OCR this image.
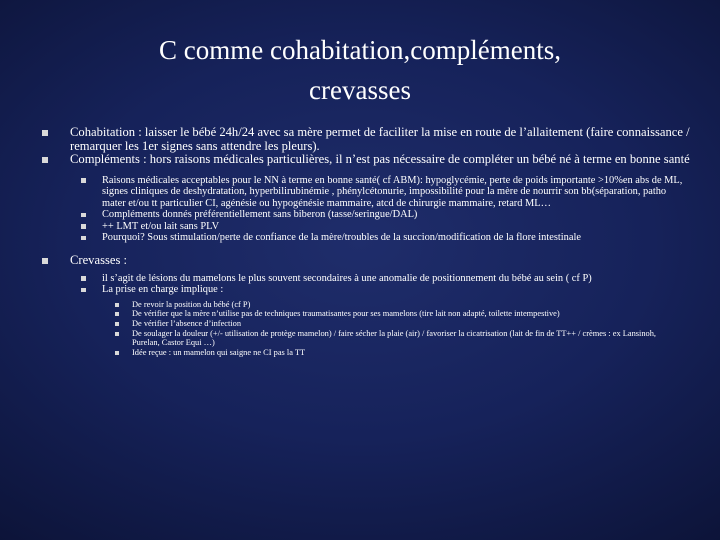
C comme cohabitation,compléments,
crevasses
Cohabitation : laisser le bébé 24h/24 avec sa mère permet de faciliter la mise en route de l’allaitement (faire connaissance / remarquer les 1er signes sans attendre les pleurs).
Compléments : hors raisons médicales particulières, il n’est pas nécessaire de compléter un bébé né à terme en bonne santé
Raisons médicales acceptables pour le NN à terme en bonne santé( cf ABM): hypoglycémie, perte de poids importante >10%en abs de ML, signes cliniques de deshydratation, hyperbilirubinémie , phénylcétonurie, impossibilité pour la mère de nourrir son bb(séparation, patho mater et/ou tt particulier CI, agénésie ou hypogénésie mammaire, atcd de chirurgie mammaire, retard ML…
Compléments donnés préférentiellement sans biberon (tasse/seringue/DAL)
++ LMT et/ou lait sans PLV
Pourquoi? Sous stimulation/perte de confiance de la mère/troubles de la succion/modification de la flore intestinale
Crevasses :
il s’agit de lésions du mamelons le plus souvent secondaires à une anomalie de positionnement du bébé au sein ( cf P)
La prise en charge implique :
De revoir la position du bébé (cf P)
De vérifier que la mère n’utilise pas de techniques traumatisantes pour ses mamelons (tire lait non adapté, toilette intempestive)
De vérifier l’absence d’infection
De soulager la douleur (+/- utilisation de protège mamelon) / faire sécher la plaie (air) / favoriser la cicatrisation (lait de fin de TT++ / crèmes : ex Lansinoh, Purelan, Castor Equi …)
Idée reçue : un mamelon qui saigne ne CI pas la TT
